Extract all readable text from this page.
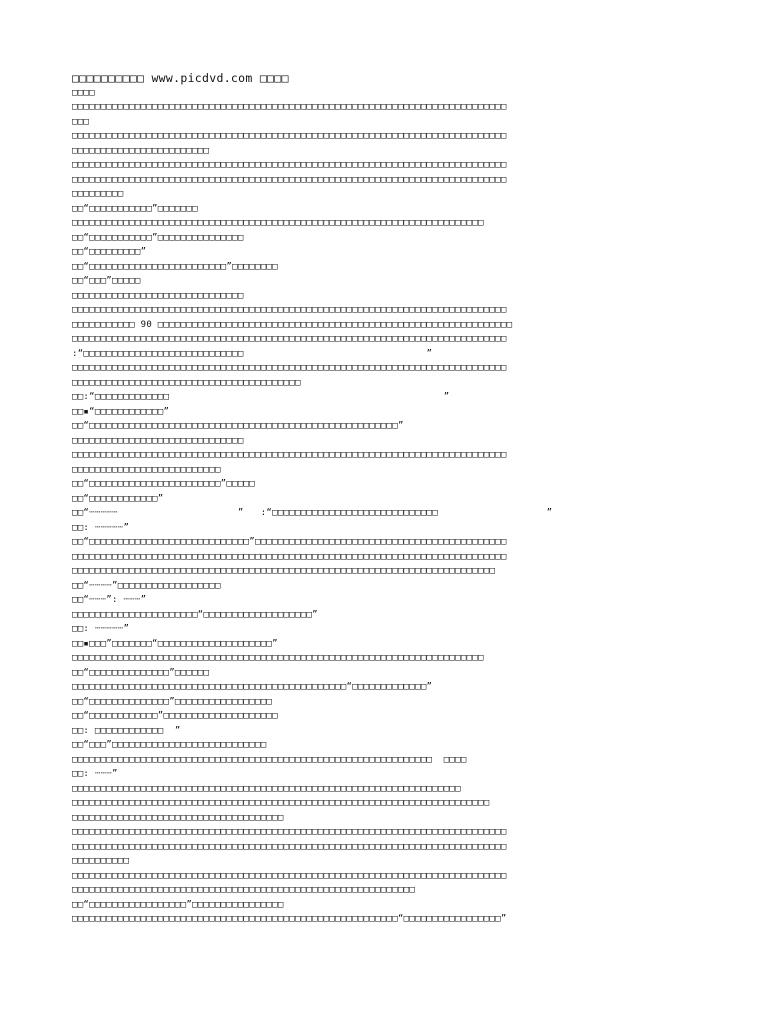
□□□□□□□□□□ www.picdvd.com □□□□
□□□□
□□□□□□□□□□□□□□□□□□□□□□□□□□□□□□□□□□□□□□□□□□□□□□□□□□□□□□□□□□□□□□□□□□□□□□□□□□□□
□□□
□□□□□□□□□□□□□□□□□□□□□□□□□□□□□□□□□□□□□□□□□□□□□□□□□□□□□□□□□□□□□□□□□□□□□□□□□□□□
□□□□□□□□□□□□□□□□□□□□□□□□
□□□□□□□□□□□□□□□□□□□□□□□□□□□□□□□□□□□□□□□□□□□□□□□□□□□□□□□□□□□□□□□□□□□□□□□□□□□□
□□□□□□□□□□□□□□□□□□□□□□□□□□□□□□□□□□□□□□□□□□□□□□□□□□□□□□□□□□□□□□□□□□□□□□□□□□□□
□□□□□□□□□
□□“□□□□□□□□□□□”□□□□□□□
□□□□□□□□□□□□□□□□□□□□□□□□□□□□□□□□□□□□□□□□□□□□□□□□□□□□□□□□□□□□□□□□□□□□□□□□
□□“□□□□□□□□□□□”□□□□□□□□□□□□□□□
□□“□□□□□□□□□”
□□“□□□□□□□□□□□□□□□□□□□□□□□□”□□□□□□□□
□□“□□□”□□□□□
□□□□□□□□□□□□□□□□□□□□□□□□□□□□□□
□□□□□□□□□□□□□□□□□□□□□□□□□□□□□□□□□□□□□□□□□□□□□□□□□□□□□□□□□□□□□□□□□□□□□□□□□□□□
□□□□□□□□□□□ 90 □□□□□□□□□□□□□□□□□□□□□□□□□□□□□□□□□□□□□□□□□□□□□□□□□□□□□□□□□□□□□□
□□□□□□□□□□□□□□□□□□□□□□□□□□□□□□□□□□□□□□□□□□□□□□□□□□□□□□□□□□□□□□□□□□□□□□□□□□□□
:“□□□□□□□□□□□□□□□□□□□□□□□□□□□□                                ”
□□□□□□□□□□□□□□□□□□□□□□□□□□□□□□□□□□□□□□□□□□□□□□□□□□□□□□□□□□□□□□□□□□□□□□□□□□□□
□□□□□□□□□□□□□□□□□□□□□□□□□□□□□□□□□□□□□□□□
□□:“□□□□□□□□□□□□□                                                ”
□□▪“□□□□□□□□□□□□”
□□“□□□□□□□□□□□□□□□□□□□□□□□□□□□□□□□□□□□□□□□□□□□□□□□□□□□□□□”
□□□□□□□□□□□□□□□□□□□□□□□□□□□□□□
□□□□□□□□□□□□□□□□□□□□□□□□□□□□□□□□□□□□□□□□□□□□□□□□□□□□□□□□□□□□□□□□□□□□□□□□□□□□
□□□□□□□□□□□□□□□□□□□□□□□□□□
□□“□□□□□□□□□□□□□□□□□□□□□□□”□□□□□
□□“□□□□□□□□□□□□”
□□“┄┄┄┄┄                     ”   :“□□□□□□□□□□□□□□□□□□□□□□□□□□□□□                   ”
□□: ┄┄┄┄┄”
□□“□□□□□□□□□□□□□□□□□□□□□□□□□□□□”□□□□□□□□□□□□□□□□□□□□□□□□□□□□□□□□□□□□□□□□□□□□
□□□□□□□□□□□□□□□□□□□□□□□□□□□□□□□□□□□□□□□□□□□□□□□□□□□□□□□□□□□□□□□□□□□□□□□□□□□□
□□□□□□□□□□□□□□□□□□□□□□□□□□□□□□□□□□□□□□□□□□□□□□□□□□□□□□□□□□□□□□□□□□□□□□□□□□
□□“┄┄┄┄”□□□□□□□□□□□□□□□□□□
□□“┄┄┄”: ┄┄┄”
□□□□□□□□□□□□□□□□□□□□□□“□□□□□□□□□□□□□□□□□□□”
□□: ┄┄┄┄┄”
□□▪□□□”□□□□□□□“□□□□□□□□□□□□□□□□□□□□”
□□□□□□□□□□□□□□□□□□□□□□□□□□□□□□□□□□□□□□□□□□□□□□□□□□□□□□□□□□□□□□□□□□□□□□□□
□□“□□□□□□□□□□□□□□”□□□□□□
□□□□□□□□□□□□□□□□□□□□□□□□□□□□□□□□□□□□□□□□□□□□□□□□“□□□□□□□□□□□□□”
□□“□□□□□□□□□□□□□□”□□□□□□□□□□□□□□□□□
□□“□□□□□□□□□□□□”□□□□□□□□□□□□□□□□□□□□
□□: □□□□□□□□□□□□  ”
□□“□□□”□□□□□□□□□□□□□□□□□□□□□□□□□□□
□□□□□□□□□□□□□□□□□□□□□□□□□□□□□□□□□□□□□□□□□□□□□□□□□□□□□□□□□□□□□□□  □□□□
□□: ┄┄┄”
□□□□□□□□□□□□□□□□□□□□□□□□□□□□□□□□□□□□□□□□□□□□□□□□□□□□□□□□□□□□□□□□□□□□
□□□□□□□□□□□□□□□□□□□□□□□□□□□□□□□□□□□□□□□□□□□□□□□□□□□□□□□□□□□□□□□□□□□□□□□□□
□□□□□□□□□□□□□□□□□□□□□□□□□□□□□□□□□□□□□
□□□□□□□□□□□□□□□□□□□□□□□□□□□□□□□□□□□□□□□□□□□□□□□□□□□□□□□□□□□□□□□□□□□□□□□□□□□□
□□□□□□□□□□□□□□□□□□□□□□□□□□□□□□□□□□□□□□□□□□□□□□□□□□□□□□□□□□□□□□□□□□□□□□□□□□□□
□□□□□□□□□□
□□□□□□□□□□□□□□□□□□□□□□□□□□□□□□□□□□□□□□□□□□□□□□□□□□□□□□□□□□□□□□□□□□□□□□□□□□□□
□□□□□□□□□□□□□□□□□□□□□□□□□□□□□□□□□□□□□□□□□□□□□□□□□□□□□□□□□□□□
□□“□□□□□□□□□□□□□□□□□”□□□□□□□□□□□□□□□□
□□□□□□□□□□□□□□□□□□□□□□□□□□□□□□□□□□□□□□□□□□□□□□□□□□□□□□□□□“□□□□□□□□□□□□□□□□□”
